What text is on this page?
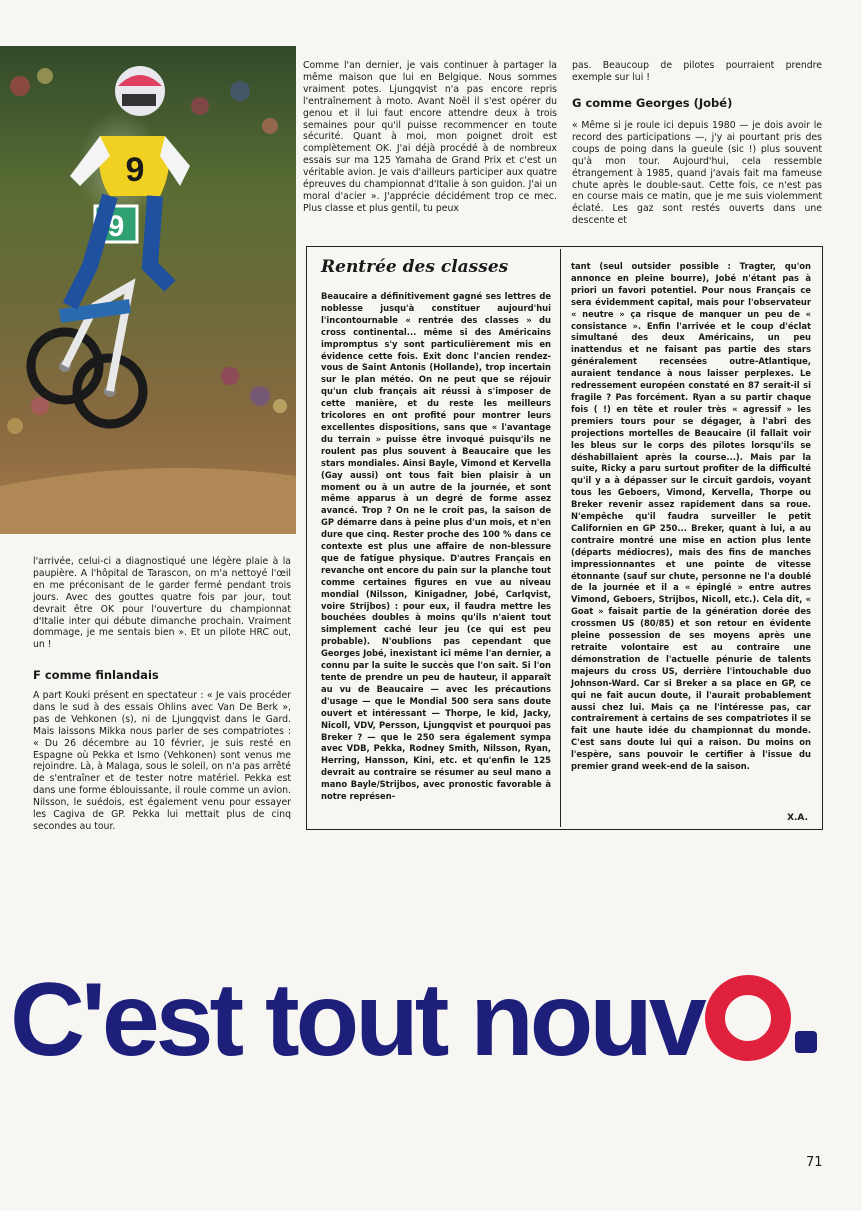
9
9

l'arrivée, celui-ci a diagnostiqué une légère plaie à la paupière. A l'hôpital de Tarascon, on m'a nettoyé l'œil en me préconisant de le garder fermé pendant trois jours. Avec des gouttes quatre fois par jour, tout devrait être OK pour l'ouverture du championnat d'Italie inter qui débute dimanche prochain. Vraiment dommage, je me sentais bien ». Et un pilote HRC out, un !

F comme finlandais

A part Kouki présent en spectateur : « Je vais procéder dans le sud à des essais Ohlins avec Van De Berk », pas de Vehkonen (s), ni de Ljungqvist dans le Gard. Mais laissons Mikka nous parler de ses compatriotes : « Du 26 décembre au 10 février, je suis resté en Espagne où Pekka et Ismo (Vehkonen) sont venus me rejoindre. Là, à Malaga, sous le soleil, on n'a pas arrêté de s'entraîner et de tester notre matériel. Pekka est dans une forme éblouissante, il roule comme un avion. Nilsson, le suédois, est également venu pour essayer les Cagiva de GP. Pekka lui mettait plus de cinq secondes au tour.

Comme l'an dernier, je vais continuer à partager la même maison que lui en Belgique. Nous sommes vraiment potes. Ljungqvist n'a pas encore repris l'entraînement à moto. Avant Noël il s'est opérer du genou et il lui faut encore attendre deux à trois semaines pour qu'il puisse recommencer en toute sécurité. Quant à moi, mon poignet droit est complètement OK. J'ai déjà procédé à de nombreux essais sur ma 125 Yamaha de Grand Prix et c'est un véritable avion. Je vais d'ailleurs participer aux quatre épreuves du championnat d'Italie à son guidon. J'ai un moral d'acier ». J'apprécie décidément trop ce mec. Plus classe et plus gentil, tu peux

pas. Beaucoup de pilotes pourraient prendre exemple sur lui !

G comme Georges (Jobé)

« Même si je roule ici depuis 1980 — je dois avoir le record des participations —, j'y ai pourtant pris des coups de poing dans la gueule (sic !) plus souvent qu'à mon tour. Aujourd'hui, cela ressemble étrangement à 1985, quand j'avais fait ma fameuse chute après le double-saut. Cette fois, ce n'est pas en course mais ce matin, que je me suis violemment éclaté. Les gaz sont restés ouverts dans une descente et

Rentrée des classes

Beaucaire a définitivement gagné ses lettres de noblesse jusqu'à constituer aujourd'hui l'incontournable « rentrée des classes » du cross continental... même si des Américains impromptus s'y sont particulièrement mis en évidence cette fois. Exit donc l'ancien rendez-vous de Saint Antonis (Hollande), trop incertain sur le plan météo. On ne peut que se réjouir qu'un club français ait réussi à s'imposer de cette manière, et du reste les meilleurs tricolores en ont profité pour montrer leurs excellentes dispositions, sans que « l'avantage du terrain » puisse être invoqué puisqu'ils ne roulent pas plus souvent à Beaucaire que les stars mondiales. Ainsi Bayle, Vimond et Kervella (Gay aussi) ont tous fait bien plaisir à un moment ou à un autre de la journée, et sont même apparus à un degré de forme assez avancé. Trop ? On ne le croit pas, la saison de GP démarre dans à peine plus d'un mois, et n'en dure que cinq. Rester proche des 100 % dans ce contexte est plus une affaire de non-blessure que de fatigue physique. D'autres Français en revanche ont encore du pain sur la planche tout comme certaines figures en vue au niveau mondial (Nilsson, Kinigadner, Jobé, Carlqvist, voire Strijbos) : pour eux, il faudra mettre les bouchées doubles à moins qu'ils n'aient tout simplement caché leur jeu (ce qui est peu probable). N'oublions pas cependant que Georges Jobé, inexistant ici même l'an dernier, a connu par la suite le succès que l'on sait. Si l'on tente de prendre un peu de hauteur, il apparaît au vu de Beaucaire — avec les précautions d'usage — que le Mondial 500 sera sans doute ouvert et intéressant — Thorpe, le kid, Jacky, Nicoll, VDV, Persson, Ljungqvist et pourquoi pas Breker ? — que le 250 sera également sympa avec VDB, Pekka, Rodney Smith, Nilsson, Ryan, Herring, Hansson, Kini, etc. et qu'enfin le 125 devrait au contraire se résumer au seul mano a mano Bayle/Strijbos, avec pronostic favorable à notre représen-

tant (seul outsider possible : Tragter, qu'on annonce en pleine bourre), Jobé n'étant pas à priori un favori potentiel. Pour nous Français ce sera évidemment capital, mais pour l'observateur « neutre » ça risque de manquer un peu de « consistance ». Enfin l'arrivée et le coup d'éclat simultané des deux Américains, un peu inattendus et ne faisant pas partie des stars généralement recensées outre-Atlantique, auraient tendance à nous laisser perplexes. Le redressement européen constaté en 87 serait-il si fragile ? Pas forcément. Ryan a su partir chaque fois ( !) en tête et rouler très « agressif » les premiers tours pour se dégager, à l'abri des projections mortelles de Beaucaire (il fallait voir les bleus sur le corps des pilotes lorsqu'ils se déshabillaient après la course...). Mais par la suite, Ricky a paru surtout profiter de la difficulté qu'il y a à dépasser sur le circuit gardois, voyant tous les Geboers, Vimond, Kervella, Thorpe ou Breker revenir assez rapidement dans sa roue. N'empêche qu'il faudra surveiller le petit Californien en GP 250... Breker, quant à lui, a au contraire montré une mise en action plus lente (départs médiocres), mais des fins de manches impressionnantes et une pointe de vitesse étonnante (sauf sur chute, personne ne l'a doublé de la journée et il a « épinglé » entre autres Vimond, Geboers, Strijbos, Nicoll, etc.). Cela dit, « Goat » faisait partie de la génération dorée des crossmen US (80/85) et son retour en évidente pleine possession de ses moyens après une retraite volontaire est au contraire une démonstration de l'actuelle pénurie de talents majeurs du cross US, derrière l'intouchable duo Johnson-Ward. Car si Breker a sa place en GP, ce qui ne fait aucun doute, il l'aurait probablement aussi chez lui. Mais ça ne l'intéresse pas, car contrairement à certains de ses compatriotes il se fait une haute idée du championnat du monde. C'est sans doute lui qui a raison. Du moins on l'espère, sans pouvoir le certifier à l'issue du premier grand week-end de la saison.

X.A.
C'est tout nouv
71
